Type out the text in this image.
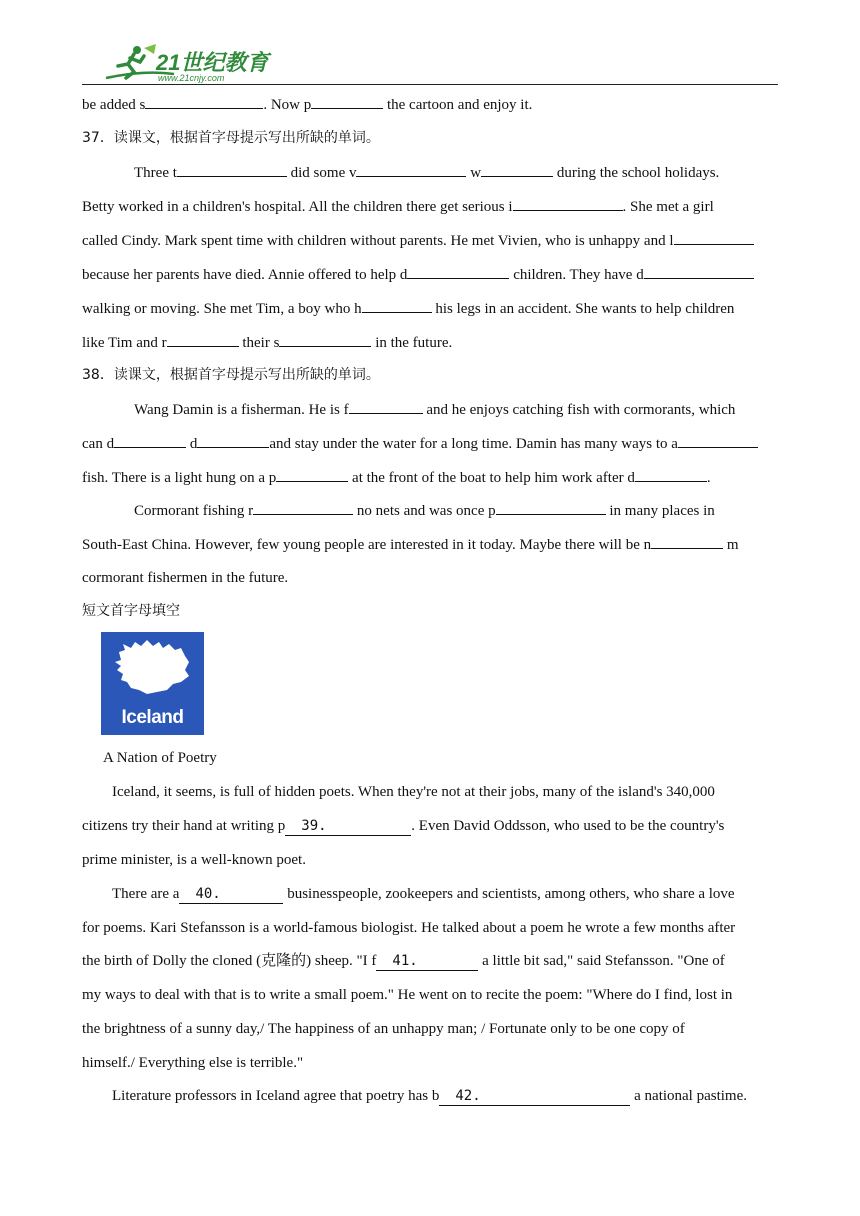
21世纪教育
www.21cnjy.com
be added s	. Now p	the cartoon and enjoy it.
37．读课文，根据首字母提示写出所缺的单词。
Three t	did some v	w	during the school holidays.
Betty worked in a children's hospital. All the children there get serious i	. She met a girl
called Cindy. Mark spent time with children without parents. He met Vivien, who is unhappy and l
because her parents have died. Annie offered to help d	children. They have d
walking or moving. She met Tim, a boy who h	his legs in an accident. She wants to help children
like Tim and r	their s	in the future.
38．读课文，根据首字母提示写出所缺的单词。
Wang Damin is a fisherman. He is f	and he enjoys catching fish with cormorants, which
can d	d	and stay under the water for a long time. Damin has many ways to a
fish. There is a light hung on a p	at the front of the boat to help him work after d	.
Cormorant fishing r	no nets and was once p	in many places in
South-East China. However, few young people are interested in it today. Maybe there will be n	m
cormorant fishermen in the future.
短文首字母填空
Iceland
A Nation of Poetry
Iceland, it seems, is full of hidden poets. When they're not at their jobs, many of the island's 340,000
citizens try their hand at writing p 39.	. Even David Oddsson, who used to be the country's
prime minister, is a well-known poet.
There are a 40.	businesspeople, zookeepers and scientists, among others, who share a love
for poems. Kari Stefansson is a world-famous biologist. He talked about a poem he wrote a few months after
the birth of Dolly the cloned (克隆的) sheep. "I f 41.	a little bit sad," said Stefansson. "One of
my ways to deal with that is to write a small poem." He went on to recite the poem: "Where do I find, lost in
the brightness of a sunny day,/ The happiness of an unhappy man; / Fortunate only to be one copy of
himself./ Everything else is terrible."
Literature professors in Iceland agree that poetry has b 42.	a national pastime.
